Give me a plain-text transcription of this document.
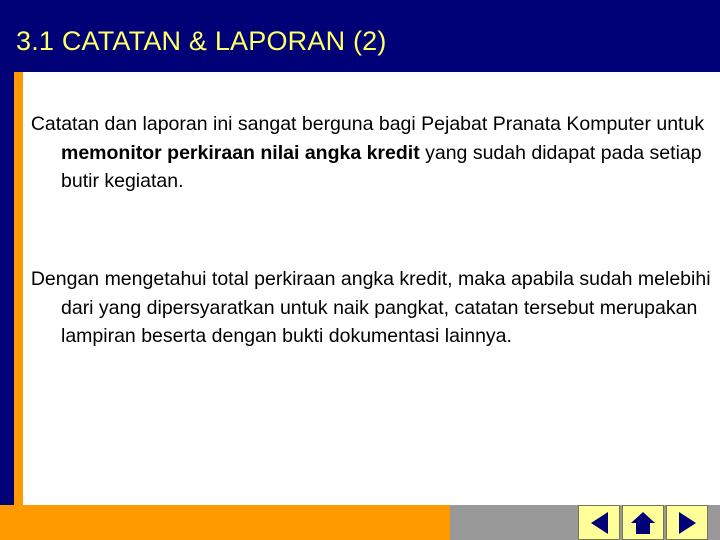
3.1 CATATAN & LAPORAN (2)
Catatan dan laporan ini sangat berguna bagi Pejabat Pranata Komputer untuk memonitor perkiraan nilai angka kredit yang sudah didapat pada setiap butir kegiatan.
Dengan mengetahui total perkiraan angka kredit, maka apabila sudah melebihi dari yang dipersyaratkan untuk naik pangkat, catatan tersebut merupakan lampiran beserta dengan bukti dokumentasi lainnya.
